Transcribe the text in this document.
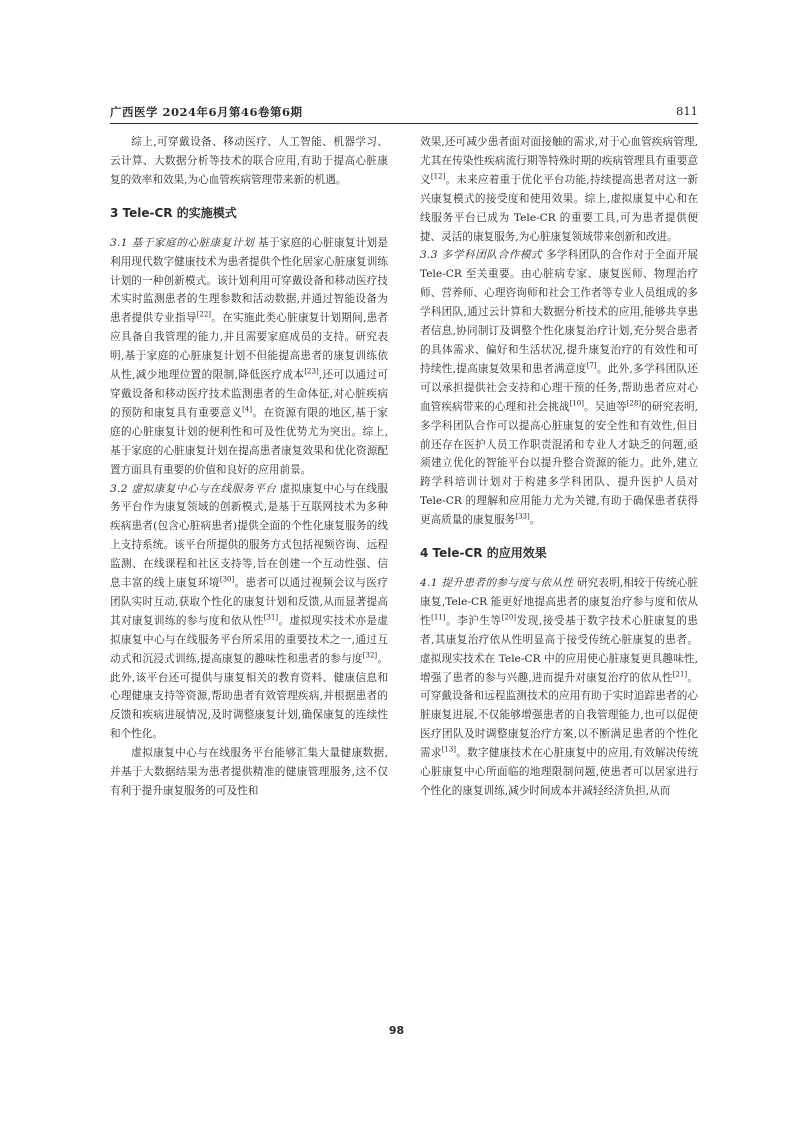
广西医学 2024年6月第46卷第6期	811

综上,可穿戴设备、移动医疗、人工智能、机器学习、云计算、大数据分析等技术的联合应用,有助于提高心脏康复的效率和效果,为心血管疾病管理带来新的机遇。

3 Tele-CR 的实施模式

3.1 基于家庭的心脏康复计划 基于家庭的心脏康复计划是利用现代数字健康技术为患者提供个性化居家心脏康复训练计划的一种创新模式。该计划利用可穿戴设备和移动医疗技术实时监测患者的生理参数和活动数据,并通过智能设备为患者提供专业指导[22]。在实施此类心脏康复计划期间,患者应具备自我管理的能力,并且需要家庭成员的支持。研究表明,基于家庭的心脏康复计划不但能提高患者的康复训练依从性,减少地理位置的限制,降低医疗成本[23],还可以通过可穿戴设备和移动医疗技术监测患者的生命体征,对心脏疾病的预防和康复具有重要意义[4]。在资源有限的地区,基于家庭的心脏康复计划的便利性和可及性优势尤为突出。综上,基于家庭的心脏康复计划在提高患者康复效果和优化资源配置方面具有重要的价值和良好的应用前景。

3.2 虚拟康复中心与在线服务平台 虚拟康复中心与在线服务平台作为康复领域的创新模式,是基于互联网技术为多种疾病患者(包含心脏病患者)提供全面的个性化康复服务的线上支持系统。该平台所提供的服务方式包括视频咨询、远程监测、在线课程和社区支持等,旨在创建一个互动性强、信息丰富的线上康复环境[30]。患者可以通过视频会议与医疗团队实时互动,获取个性化的康复计划和反馈,从而显著提高其对康复训练的参与度和依从性[31]。虚拟现实技术亦是虚拟康复中心与在线服务平台所采用的重要技术之一,通过互动式和沉浸式训练,提高康复的趣味性和患者的参与度[32]。此外,该平台还可提供与康复相关的教育资料、健康信息和心理健康支持等资源,帮助患者有效管理疾病,并根据患者的反馈和疾病进展情况,及时调整康复计划,确保康复的连续性和个性化。

虚拟康复中心与在线服务平台能够汇集大量健康数据,并基于大数据结果为患者提供精准的健康管理服务,这不仅有利于提升康复服务的可及性和

效果,还可减少患者面对面接触的需求,对于心血管疾病管理,尤其在传染性疾病流行期等特殊时期的疾病管理具有重要意义[12]。未来应着重于优化平台功能,持续提高患者对这一新兴康复模式的接受度和使用效果。综上,虚拟康复中心和在线服务平台已成为 Tele-CR 的重要工具,可为患者提供便捷、灵活的康复服务,为心脏康复领域带来创新和改进。

3.3 多学科团队合作模式 多学科团队的合作对于全面开展 Tele-CR 至关重要。由心脏病专家、康复医师、物理治疗师、营养师、心理咨询师和社会工作者等专业人员组成的多学科团队,通过云计算和大数据分析技术的应用,能够共享患者信息,协同制订及调整个性化康复治疗计划,充分契合患者的具体需求、偏好和生活状况,提升康复治疗的有效性和可持续性,提高康复效果和患者满意度[7]。此外,多学科团队还可以承担提供社会支持和心理干预的任务,帮助患者应对心血管疾病带来的心理和社会挑战[10]。吴迪等[28]的研究表明,多学科团队合作可以提高心脏康复的安全性和有效性,但目前还存在医护人员工作职责混淆和专业人才缺乏的问题,亟须建立优化的智能平台以提升整合资源的能力。此外,建立跨学科培训计划对于构建多学科团队、提升医护人员对 Tele-CR 的理解和应用能力尤为关键,有助于确保患者获得更高质量的康复服务[33]。

4 Tele-CR 的应用效果

4.1 提升患者的参与度与依从性 研究表明,相较于传统心脏康复,Tele-CR 能更好地提高患者的康复治疗参与度和依从性[11]。李沪生等[20]发现,接受基于数字技术心脏康复的患者,其康复治疗依从性明显高于接受传统心脏康复的患者。虚拟现实技术在 Tele-CR 中的应用使心脏康复更具趣味性,增强了患者的参与兴趣,进而提升对康复治疗的依从性[21]。可穿戴设备和远程监测技术的应用有助于实时追踪患者的心脏康复进展,不仅能够增强患者的自我管理能力,也可以促使医疗团队及时调整康复治疗方案,以不断满足患者的个性化需求[13]。数字健康技术在心脏康复中的应用,有效解决传统心脏康复中心所面临的地理限制问题,使患者可以居家进行个性化的康复训练,减少时间成本并减轻经济负担,从而

98
